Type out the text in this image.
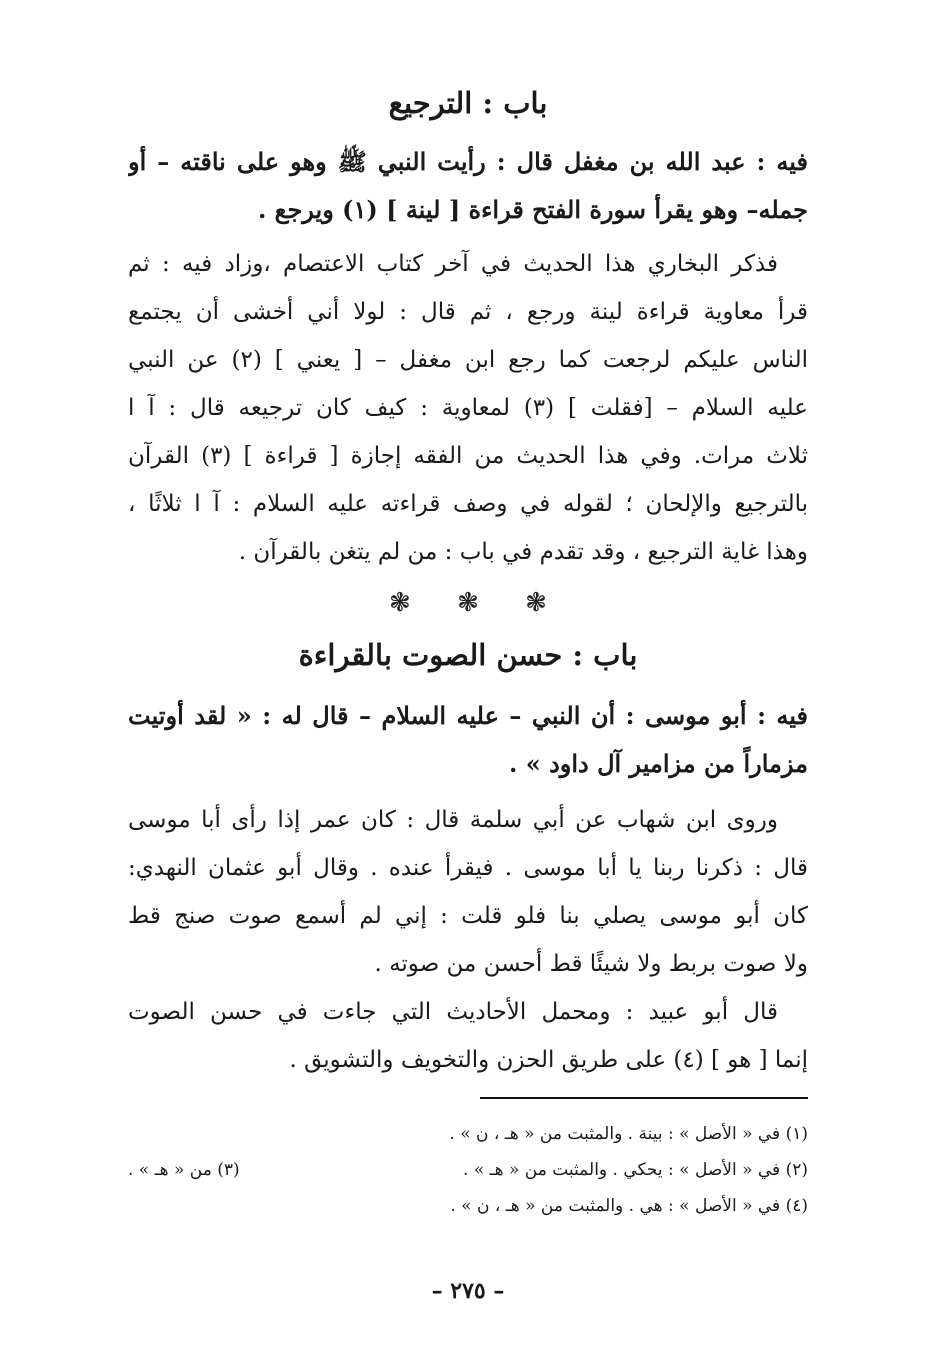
باب : الترجيع
فيه : عبد الله بن مغفل قال : رأيت النبي ﷺ وهو على ناقته – أو
جمله– وهو يقرأ سورة الفتح قراءة [ لينة ] (١) ويرجع .
فذكر البخاري هذا الحديث في آخر كتاب الاعتصام ،وزاد فيه : ثم
قرأ معاوية قراءة لينة ورجع ، ثم قال : لولا أني أخشى أن يجتمع
الناس عليكم لرجعت كما رجع ابن مغفل – [ يعني ] (٢) عن النبي
عليه السلام – [فقلت ] (٣) لمعاوية : كيف كان ترجيعه قال : آ ا
ثلاث مرات. وفي هذا الحديث من الفقه إجازة [ قراءة ] (٣) القرآن
بالترجيع والإلحان ؛ لقوله في وصف قراءته عليه السلام : آ ا ثلاثًا ،
وهذا غاية الترجيع ، وقد تقدم في باب : من لم يتغن بالقرآن .
❃ ❃ ❃
باب : حسن الصوت بالقراءة
فيه : أبو موسى : أن النبي – عليه السلام – قال له : « لقد أوتيت
مزماراً من مزامير آل داود » .
وروى ابن شهاب عن أبي سلمة قال : كان عمر إذا رأى أبا موسى
قال : ذكرنا ربنا يا أبا موسى . فيقرأ عنده . وقال أبو عثمان النهدي:
كان أبو موسى يصلي بنا فلو قلت : إني لم أسمع صوت صنج قط
ولا صوت بربط ولا شيئًا قط أحسن من صوته .
قال أبو عبيد : ومحمل الأحاديث التي جاءت في حسن الصوت
إنما [ هو ] (٤) على طريق الحزن والتخويف والتشويق .
(١) في « الأصل » : بينة . والمثبت من « هـ ، ن » .
(٢) في « الأصل » : يحكي . والمثبت من « هـ » .
(٣) من « هـ » .
(٤) في « الأصل » : هي . والمثبت من « هـ ، ن » .
– ٢٧٥ –
